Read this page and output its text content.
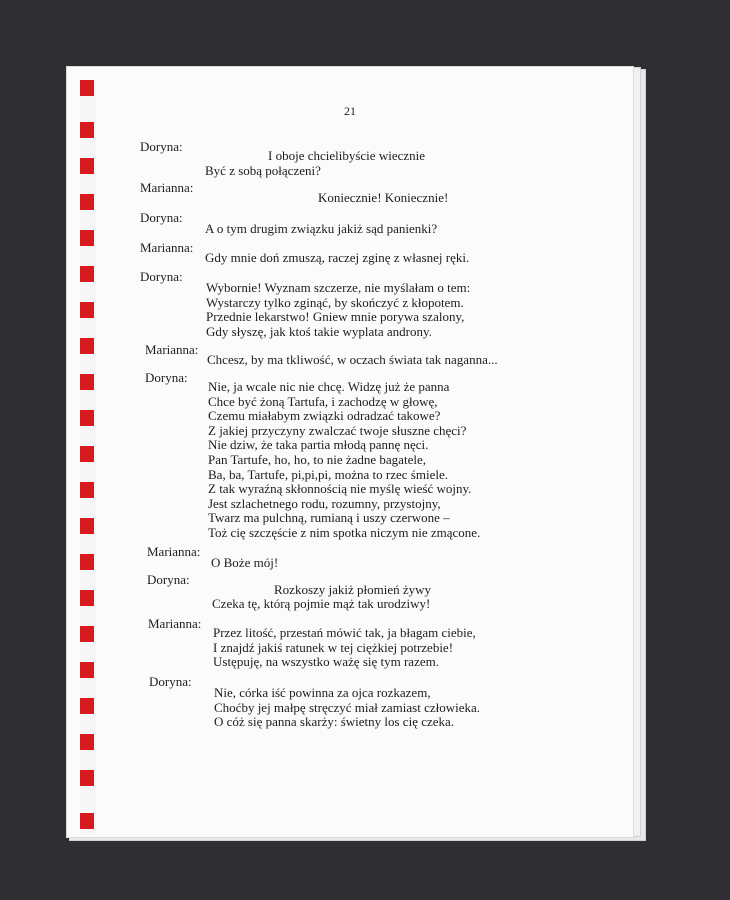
21
Doryna:
I oboje chcielibyście wiecznie
Być z sobą połączeni?
Marianna:
Koniecznie! Koniecznie!
Doryna:
A o tym drugim związku jakiż sąd panienki?
Marianna:
Gdy mnie doń zmuszą, raczej zginę z własnej ręki.
Doryna:
Wybornie! Wyznam szczerze, nie myślałam o tem:
Wystarczy tylko zginąć, by skończyć z kłopotem.
Przednie lekarstwo! Gniew mnie porywa szalony,
Gdy słyszę, jak ktoś takie wyplata androny.
Marianna:
Chcesz, by ma tkliwość, w oczach świata tak naganna...
Doryna:
Nie, ja wcale nic nie chcę. Widzę już że panna
Chce być żoną Tartufa, i zachodzę w głowę,
Czemu miałabym związki odradzać takowe?
Z jakiej przyczyny zwalczać twoje słuszne chęci?
Nie dziw, że taka partia młodą pannę nęci.
Pan Tartufe, ho, ho, to nie żadne bagatele,
Ba, ba, Tartufe, pi,pi,pi, można to rzec śmiele.
Z tak wyraźną skłonnością nie myślę wieść wojny.
Jest szlachetnego rodu, rozumny, przystojny,
Twarz ma pulchną, rumianą i uszy czerwone –
Toż cię szczęście z nim spotka niczym nie zmącone.
Marianna:
O Boże mój!
Doryna:
Rozkoszy jakiż płomień żywy
Czeka tę, którą pojmie mąż tak urodziwy!
Marianna:
Przez litość, przestań mówić tak, ja błagam ciebie,
I znajdź jakiś ratunek w tej ciężkiej potrzebie!
Ustępuję, na wszystko ważę się tym razem.
Doryna:
Nie, córka iść powinna za ojca rozkazem,
Choćby jej małpę stręczyć miał zamiast człowieka.
O cóż się panna skarży: świetny los cię czeka.
